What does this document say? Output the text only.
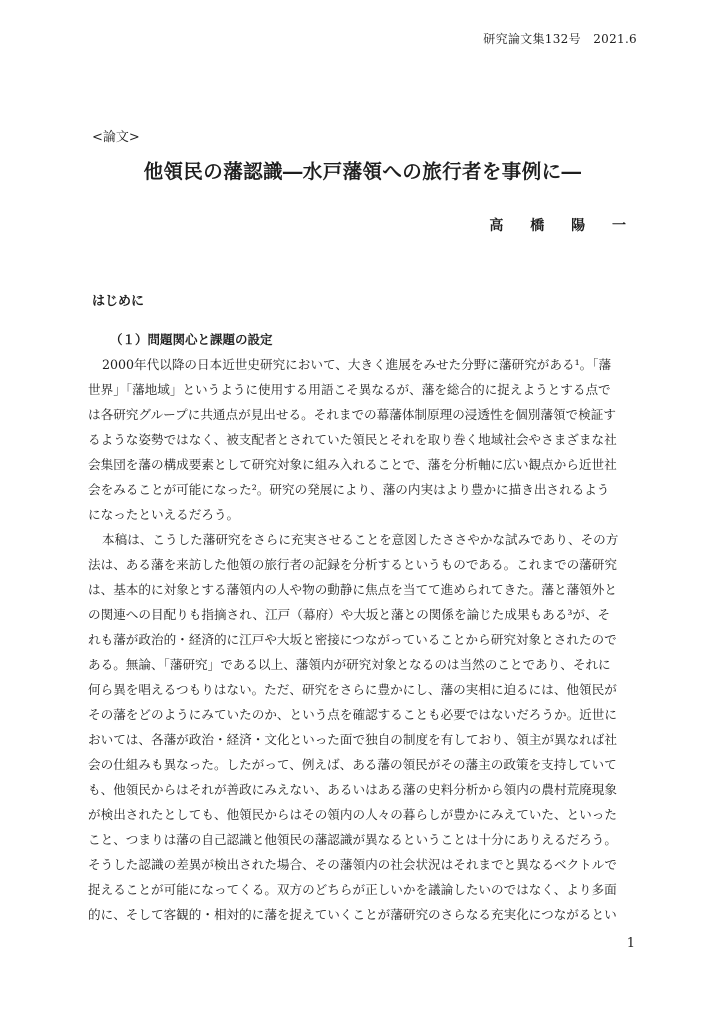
研究論文集132号　2021.6
<論文>
他領民の藩認識―水戸藩領への旅行者を事例に―
高 橋 陽 一
はじめに
（１）問題関心と課題の設定
2000年代以降の日本近世史研究において、大きく進展をみせた分野に藩研究がある¹。「藩
世界」「藩地域」というように使用する用語こそ異なるが、藩を総合的に捉えようとする点で
は各研究グループに共通点が見出せる。それまでの幕藩体制原理の浸透性を個別藩領で検証す
るような姿勢ではなく、被支配者とされていた領民とそれを取り巻く地域社会やさまざまな社
会集団を藩の構成要素として研究対象に組み入れることで、藩を分析軸に広い観点から近世社
会をみることが可能になった²。研究の発展により、藩の内実はより豊かに描き出されるよう
になったといえるだろう。
本稿は、こうした藩研究をさらに充実させることを意図したささやかな試みであり、その方
法は、ある藩を来訪した他領の旅行者の記録を分析するというものである。これまでの藩研究
は、基本的に対象とする藩領内の人や物の動静に焦点を当てて進められてきた。藩と藩領外と
の関連への目配りも指摘され、江戸（幕府）や大坂と藩との関係を論じた成果もある³が、そ
れも藩が政治的・経済的に江戸や大坂と密接につながっていることから研究対象とされたので
ある。無論、「藩研究」である以上、藩領内が研究対象となるのは当然のことであり、それに
何ら異を唱えるつもりはない。ただ、研究をさらに豊かにし、藩の実相に迫るには、他領民が
その藩をどのようにみていたのか、という点を確認することも必要ではないだろうか。近世に
おいては、各藩が政治・経済・文化といった面で独自の制度を有しており、領主が異なれば社
会の仕組みも異なった。したがって、例えば、ある藩の領民がその藩主の政策を支持していて
も、他領民からはそれが善政にみえない、あるいはある藩の史料分析から領内の農村荒廃現象
が検出されたとしても、他領民からはその領内の人々の暮らしが豊かにみえていた、といった
こと、つまりは藩の自己認識と他領民の藩認識が異なるということは十分にありえるだろう。
そうした認識の差異が検出された場合、その藩領内の社会状況はそれまでと異なるベクトルで
捉えることが可能になってくる。双方のどちらが正しいかを議論したいのではなく、より多面
的に、そして客観的・相対的に藩を捉えていくことが藩研究のさらなる充実化につながるとい
1
